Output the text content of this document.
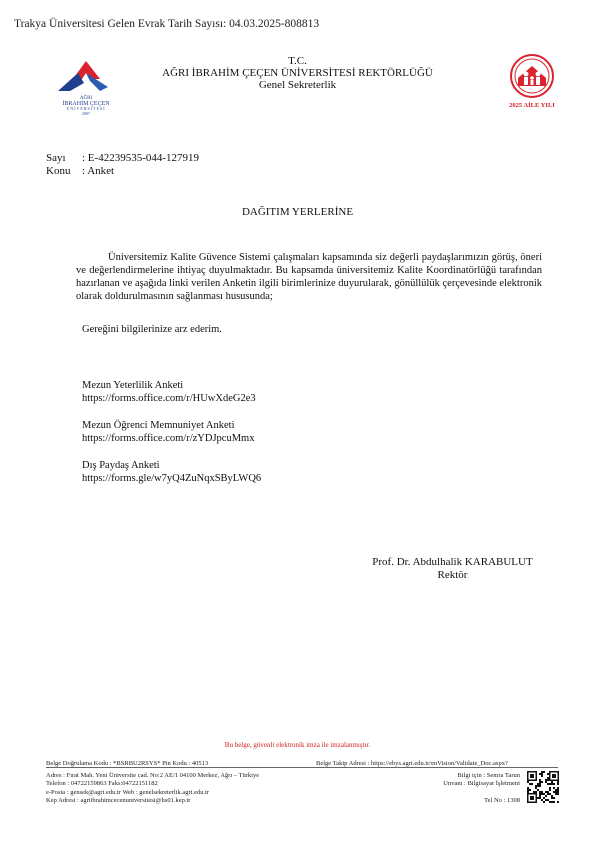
Trakya Üniversitesi Gelen Evrak Tarih Sayısı: 04.03.2025-808813
AĞRI
İBRAHİM ÇEÇEN
ÜNİVERSİTESİ
2007
T.C.
AĞRI İBRAHİM ÇEÇEN ÜNİVERSİTESİ REKTÖRLÜĞÜ
Genel Sekreterlik
2025 AİLE YILI
Sayı : E-42239535-044-127919
Konu : Anket
DAĞITIM YERLERİNE

Üniversitemiz Kalite Güvence Sistemi çalışmaları kapsamında siz değerli paydaşlarımızın görüş, öneri ve değerlendirmelerine ihtiyaç duyulmaktadır. Bu kapsamda üniversitemiz Kalite Koordinatörlüğü tarafından hazırlanan ve aşağıda linki verilen Anketin ilgili birimlerinize duyurularak, gönüllülük çerçevesinde elektronik olarak doldurulmasının sağlanması hususunda;

Gereğini bilgilerinize arz ederim.
Mezun Yeterlilik Anketi
https://forms.office.com/r/HUwXdeG2e3
Mezun Öğrenci Memnuniyet Anketi
https://forms.office.com/r/zYDJpcuMmx
Dış Paydaş Anketi
https://forms.gle/w7yQ4ZuNqxSByLWQ6
Prof. Dr. Abdulhalik KARABULUT
Rektör
Bu belge, güvenli elektronik imza ile imzalanmıştır.
Belge Doğrulama Kodu : *BSRBU2RSYS* Pin Kodu : 40513	Belge Takip Adresi : https://ebys.agri.edu.tr/enVision/Validate_Doc.aspx?
Adres : Fırat Mah. Yeni Üniversite cad. No:2 AE/1 04100 Merkez, Ağrı – Türkiye
Telefon : 04722159863 Faks:04722151182
e-Posta : gensek@agri.edu.tr Web : genelsekreterlik.agri.edu.tr
Kep Adresi : agriibrahimcecenuniversitesi@hs01.kep.tr
Bilgi için : Semra Tarun
Unvanı : Bilgisayar İşletmeni
Tel No : 1308
